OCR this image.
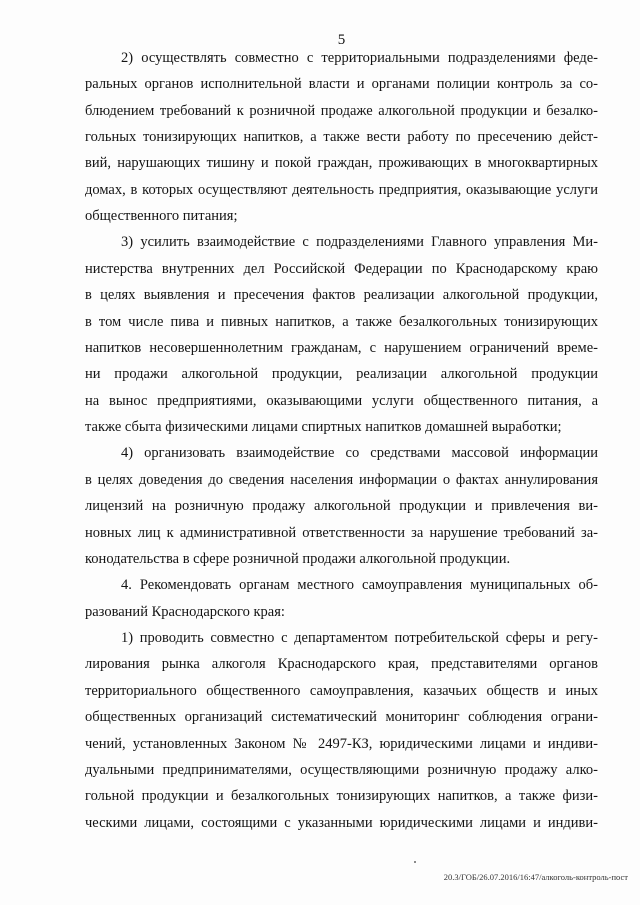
5
2) осуществлять совместно с территориальными подразделениями феде-
ральных органов исполнительной власти и органами полиции контроль за со-
блюдением требований к розничной продаже алкогольной продукции и безалко-
гольных тонизирующих напитков, а также вести работу по пресечению дейст-
вий, нарушающих тишину и покой граждан, проживающих в многоквартирных
домах, в которых осуществляют деятельность предприятия, оказывающие услуги
общественного питания;
3) усилить взаимодействие с подразделениями Главного управления Ми-
нистерства внутренних дел Российской Федерации по Краснодарскому краю
в целях выявления и пресечения фактов реализации алкогольной продукции,
в том числе пива и пивных напитков, а также безалкогольных тонизирующих
напитков несовершеннолетним гражданам, с нарушением ограничений време-
ни продажи алкогольной продукции, реализации алкогольной продукции
на вынос предприятиями, оказывающими услуги общественного питания, а
также сбыта физическими лицами спиртных напитков домашней выработки;
4) организовать взаимодействие со средствами массовой информации
в целях доведения до сведения населения информации о фактах аннулирования
лицензий на розничную продажу алкогольной продукции и привлечения ви-
новных лиц к административной ответственности за нарушение требований за-
конодательства в сфере розничной продажи алкогольной продукции.
4. Рекомендовать органам местного самоуправления муниципальных об-
разований Краснодарского края:
1) проводить совместно с департаментом потребительской сферы и регу-
лирования рынка алкоголя Краснодарского края, представителями органов
территориального общественного самоуправления, казачьих обществ и иных
общественных организаций систематический мониторинг соблюдения ограни-
чений, установленных Законом № 2497-КЗ, юридическими лицами и индиви-
дуальными предпринимателями, осуществляющими розничную продажу алко-
гольной продукции и безалкогольных тонизирующих напитков, а также физи-
ческими лицами, состоящими с указанными юридическими лицами и индиви-
20.3/ГОБ/26.07.2016/16:47/алкоголь-контроль-пост
